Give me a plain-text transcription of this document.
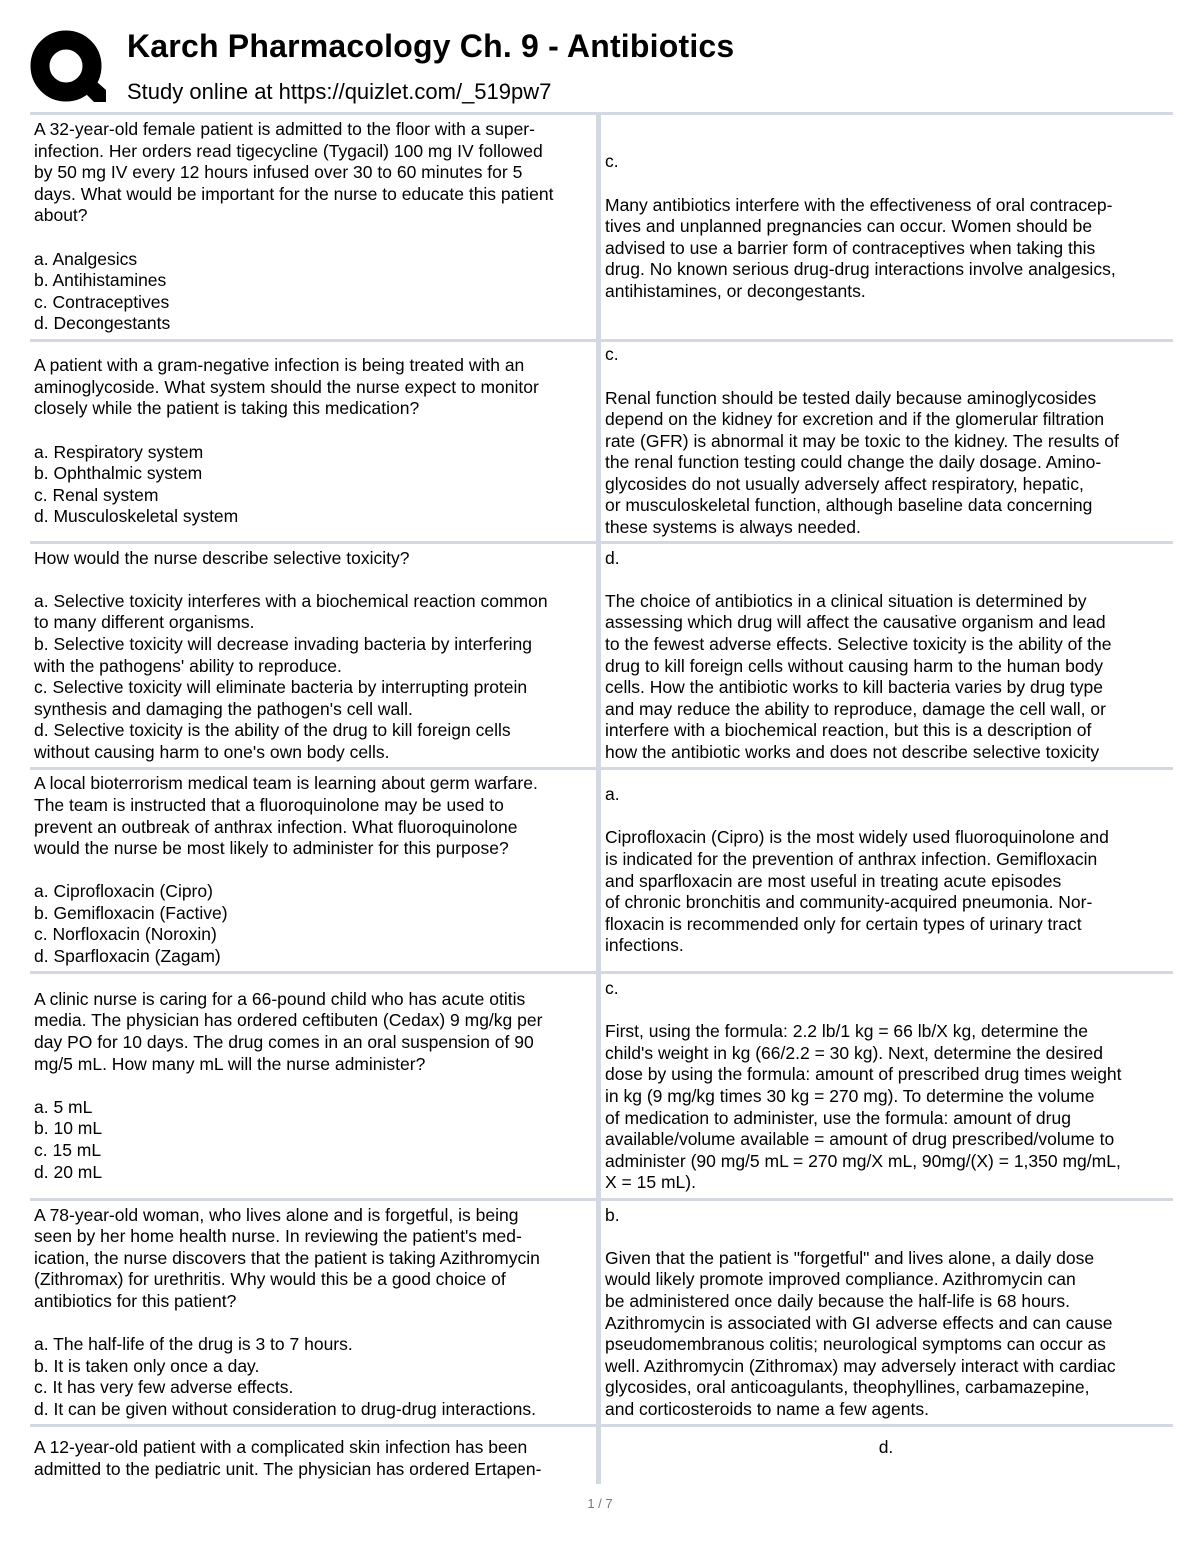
Karch Pharmacology Ch. 9 - Antibiotics

Study online at https://quizlet.com/_519pw7

A 32-year-old female patient is admitted to the floor with a super-
infection. Her orders read tigecycline (Tygacil) 100 mg IV followed
by 50 mg IV every 12 hours infused over 30 to 60 minutes for 5
days. What would be important for the nurse to educate this patient
about?

a. Analgesics
b. Antihistamines
c. Contraceptives
d. Decongestants
c.

Many antibiotics interfere with the effectiveness of oral contracep-
tives and unplanned pregnancies can occur. Women should be
advised to use a barrier form of contraceptives when taking this
drug. No known serious drug-drug interactions involve analgesics,
antihistamines, or decongestants.
A patient with a gram-negative infection is being treated with an
aminoglycoside. What system should the nurse expect to monitor
closely while the patient is taking this medication?

a. Respiratory system
b. Ophthalmic system
c. Renal system
d. Musculoskeletal system
c.

Renal function should be tested daily because aminoglycosides
depend on the kidney for excretion and if the glomerular filtration
rate (GFR) is abnormal it may be toxic to the kidney. The results of
the renal function testing could change the daily dosage. Amino-
glycosides do not usually adversely affect respiratory, hepatic,
or musculoskeletal function, although baseline data concerning
these systems is always needed.
How would the nurse describe selective toxicity?

a. Selective toxicity interferes with a biochemical reaction common
to many different organisms.
b. Selective toxicity will decrease invading bacteria by interfering
with the pathogens' ability to reproduce.
c. Selective toxicity will eliminate bacteria by interrupting protein
synthesis and damaging the pathogen's cell wall.
d. Selective toxicity is the ability of the drug to kill foreign cells
without causing harm to one's own body cells.
d.

The choice of antibiotics in a clinical situation is determined by
assessing which drug will affect the causative organism and lead
to the fewest adverse effects. Selective toxicity is the ability of the
drug to kill foreign cells without causing harm to the human body
cells. How the antibiotic works to kill bacteria varies by drug type
and may reduce the ability to reproduce, damage the cell wall, or
interfere with a biochemical reaction, but this is a description of
how the antibiotic works and does not describe selective toxicity
A local bioterrorism medical team is learning about germ warfare.
The team is instructed that a fluoroquinolone may be used to
prevent an outbreak of anthrax infection. What fluoroquinolone
would the nurse be most likely to administer for this purpose?

a. Ciprofloxacin (Cipro)
b. Gemifloxacin (Factive)
c. Norfloxacin (Noroxin)
d. Sparfloxacin (Zagam)
a.

Ciprofloxacin (Cipro) is the most widely used fluoroquinolone and
is indicated for the prevention of anthrax infection. Gemifloxacin
and sparfloxacin are most useful in treating acute episodes
of chronic bronchitis and community-acquired pneumonia. Nor-
floxacin is recommended only for certain types of urinary tract
infections.
A clinic nurse is caring for a 66-pound child who has acute otitis
media. The physician has ordered ceftibuten (Cedax) 9 mg/kg per
day PO for 10 days. The drug comes in an oral suspension of 90
mg/5 mL. How many mL will the nurse administer?

a. 5 mL
b. 10 mL
c. 15 mL
d. 20 mL
c.

First, using the formula: 2.2 lb/1 kg = 66 lb/X kg, determine the
child's weight in kg (66/2.2 = 30 kg). Next, determine the desired
dose by using the formula: amount of prescribed drug times weight
in kg (9 mg/kg times 30 kg = 270 mg). To determine the volume
of medication to administer, use the formula: amount of drug
available/volume available = amount of drug prescribed/volume to
administer (90 mg/5 mL = 270 mg/X mL, 90mg/(X) = 1,350 mg/mL,
X = 15 mL).
A 78-year-old woman, who lives alone and is forgetful, is being
seen by her home health nurse. In reviewing the patient's med-
ication, the nurse discovers that the patient is taking Azithromycin
(Zithromax) for urethritis. Why would this be a good choice of
antibiotics for this patient?

a. The half-life of the drug is 3 to 7 hours.
b. It is taken only once a day.
c. It has very few adverse effects.
d. It can be given without consideration to drug-drug interactions.
b.

Given that the patient is "forgetful" and lives alone, a daily dose
would likely promote improved compliance. Azithromycin can
be administered once daily because the half-life is 68 hours.
Azithromycin is associated with GI adverse effects and can cause
pseudomembranous colitis; neurological symptoms can occur as
well. Azithromycin (Zithromax) may adversely interact with cardiac
glycosides, oral anticoagulants, theophyllines, carbamazepine,
and corticosteroids to name a few agents.
A 12-year-old patient with a complicated skin infection has been
admitted to the pediatric unit. The physician has ordered Ertapen-
d.
1 / 7
